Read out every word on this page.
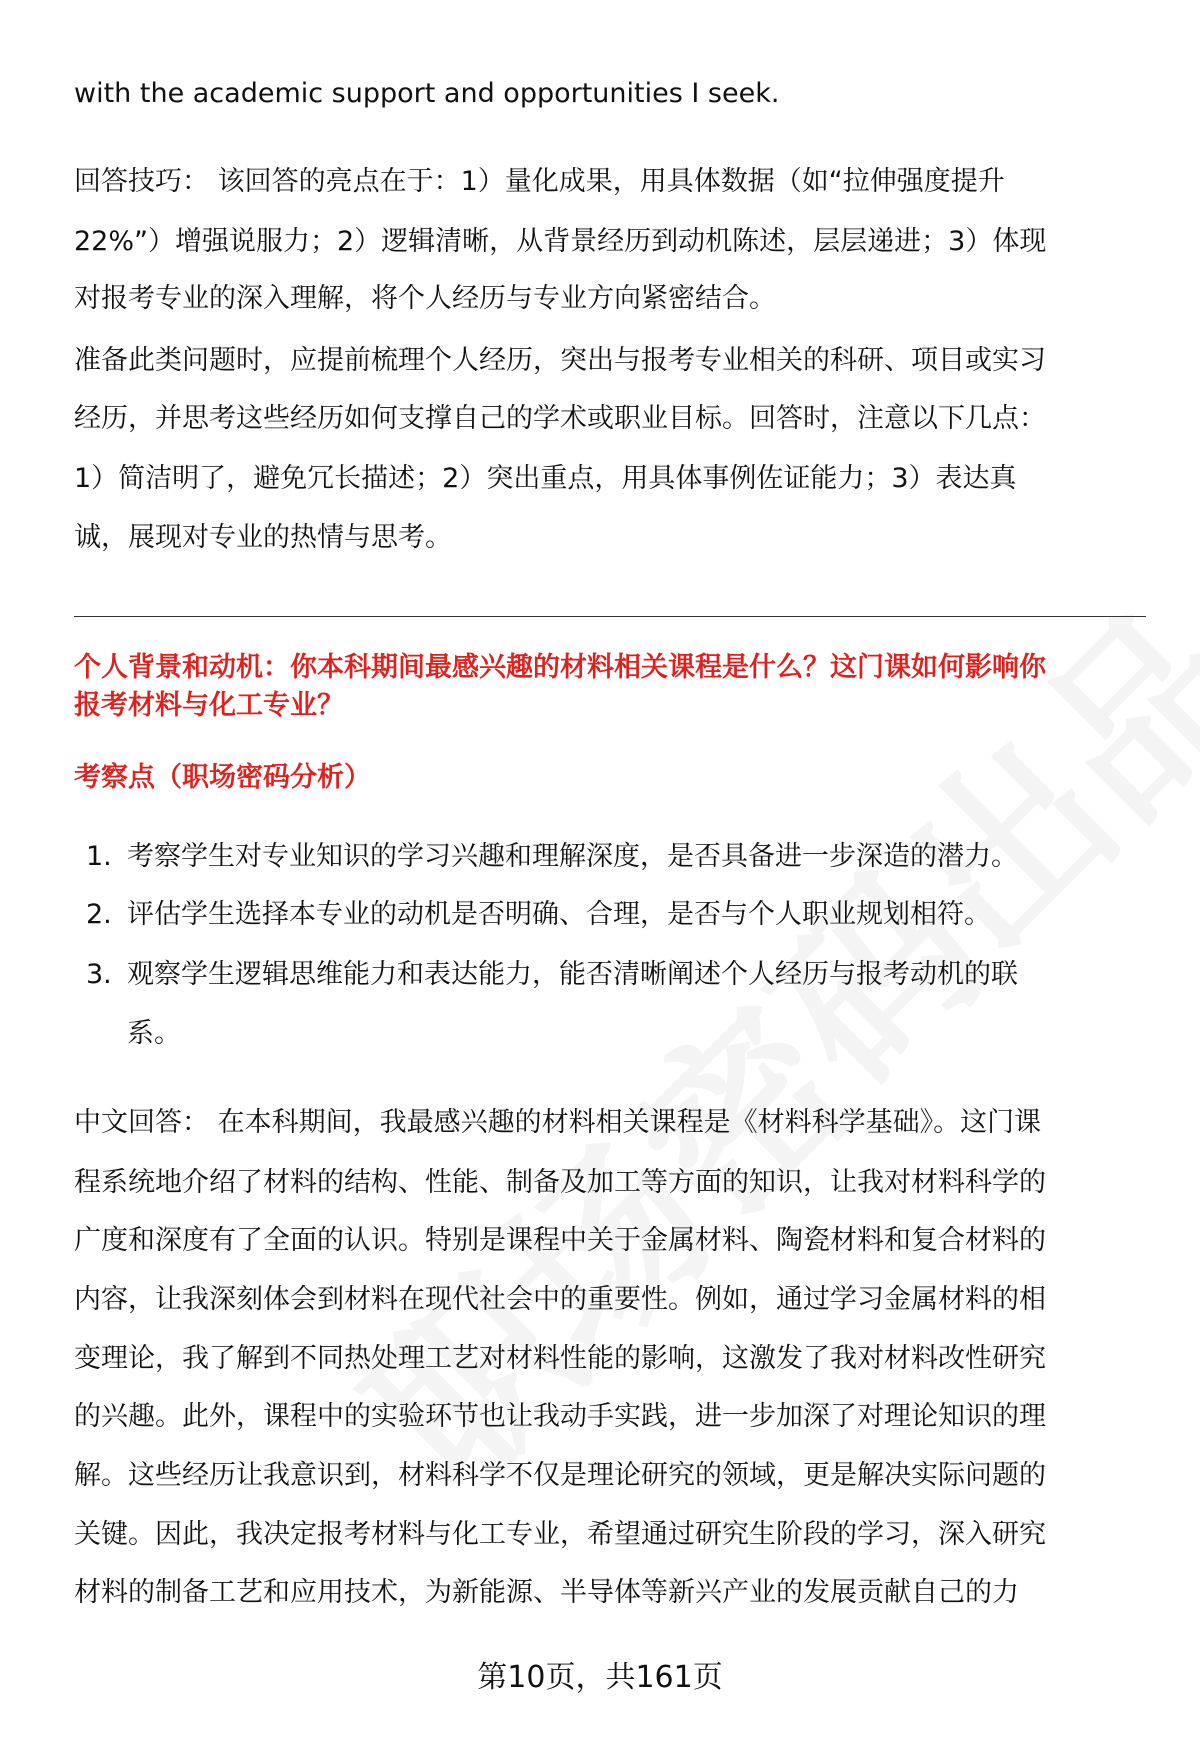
with the academic support and opportunities I seek.
回答技巧： 该回答的亮点在于：1）量化成果，用具体数据（如“拉伸强度提升
22%”）增强说服力；2）逻辑清晰，从背景经历到动机陈述，层层递进；3）体现
对报考专业的深入理解，将个人经历与专业方向紧密结合。
准备此类问题时，应提前梳理个人经历，突出与报考专业相关的科研、项目或实习
经历，并思考这些经历如何支撑自己的学术或职业目标。回答时，注意以下几点：
1）简洁明了，避免冗长描述；2）突出重点，用具体事例佐证能力；3）表达真
诚，展现对专业的热情与思考。
个人背景和动机：你本科期间最感兴趣的材料相关课程是什么？这门课如何影响你
报考材料与化工专业？
考察点（职场密码分析）
1. 考察学生对专业知识的学习兴趣和理解深度，是否具备进一步深造的潜力。
2. 评估学生选择本专业的动机是否明确、合理，是否与个人职业规划相符。
3. 观察学生逻辑思维能力和表达能力，能否清晰阐述个人经历与报考动机的联
系。
中文回答： 在本科期间，我最感兴趣的材料相关课程是《材料科学基础》。这门课
程系统地介绍了材料的结构、性能、制备及加工等方面的知识，让我对材料科学的
广度和深度有了全面的认识。特别是课程中关于金属材料、陶瓷材料和复合材料的
内容，让我深刻体会到材料在现代社会中的重要性。例如，通过学习金属材料的相
变理论，我了解到不同热处理工艺对材料性能的影响，这激发了我对材料改性研究
的兴趣。此外，课程中的实验环节也让我动手实践，进一步加深了对理论知识的理
解。这些经历让我意识到，材料科学不仅是理论研究的领域，更是解决实际问题的
关键。因此，我决定报考材料与化工专业，希望通过研究生阶段的学习，深入研究
材料的制备工艺和应用技术，为新能源、半导体等新兴产业的发展贡献自己的力
第10页，共161页
